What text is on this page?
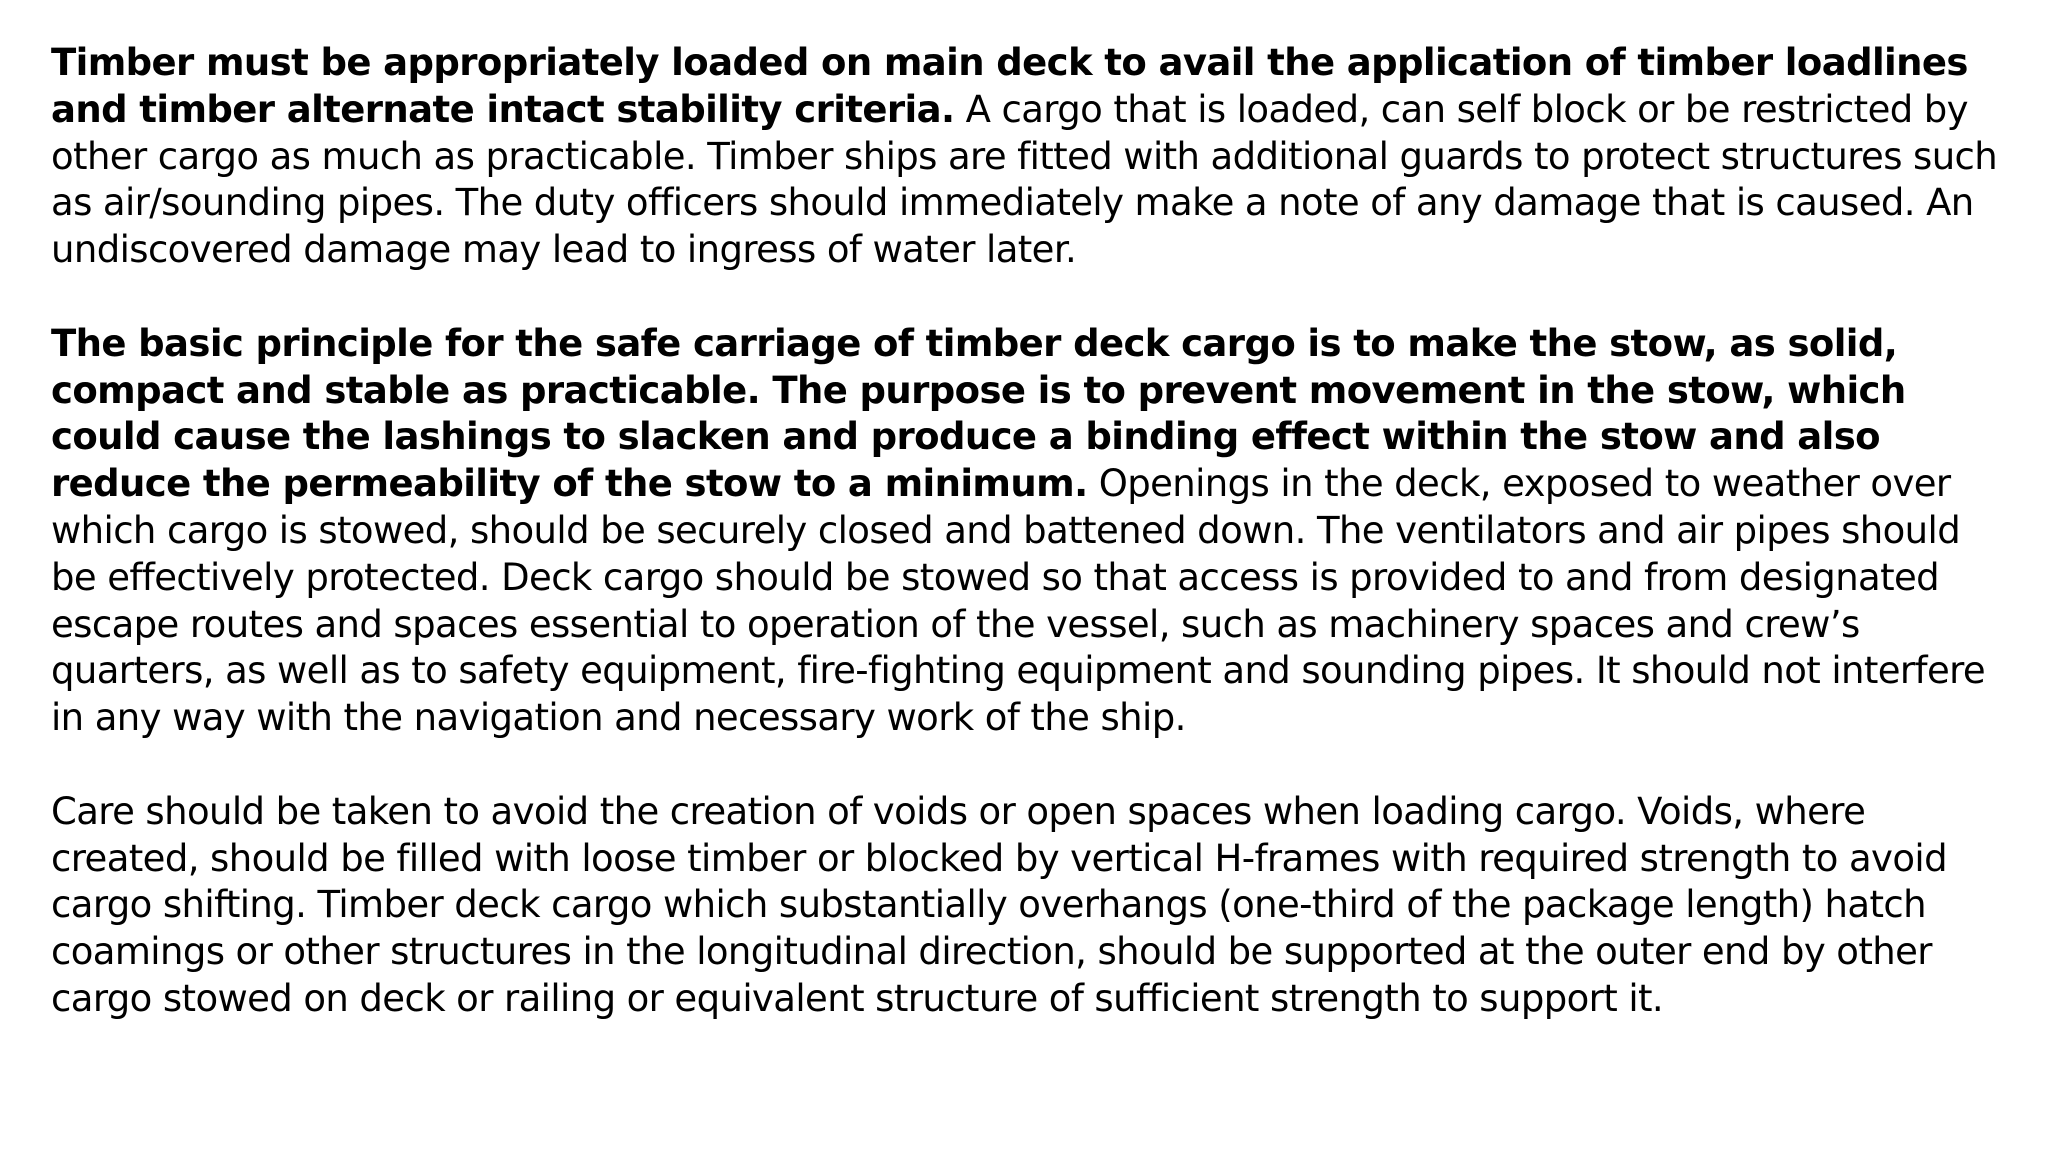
Timber must be appropriately loaded on main deck to avail the application of timber loadlines and timber alternate intact stability criteria. A cargo that is loaded, can self block or be restricted by other cargo as much as practicable. Timber ships are fitted with additional guards to protect structures such as air/sounding pipes. The duty officers should immediately make a note of any damage that is caused. An undiscovered damage may lead to ingress of water later.

The basic principle for the safe carriage of timber deck cargo is to make the stow, as solid, compact and stable as practicable. The purpose is to prevent movement in the stow, which could cause the lashings to slacken and produce a binding effect within the stow and also reduce the permeability of the stow to a minimum. Openings in the deck, exposed to weather over which cargo is stowed, should be securely closed and battened down. The ventilators and air pipes should be effectively protected. Deck cargo should be stowed so that access is provided to and from designated escape routes and spaces essential to operation of the vessel, such as machinery spaces and crew’s quarters, as well as to safety equipment, fire-fighting equipment and sounding pipes. It should not interfere in any way with the navigation and necessary work of the ship.

Care should be taken to avoid the creation of voids or open spaces when loading cargo. Voids, where created, should be filled with loose timber or blocked by vertical H-frames with required strength to avoid cargo shifting. Timber deck cargo which substantially overhangs (one-third of the package length) hatch coamings or other structures in the longitudinal direction, should be supported at the outer end by other cargo stowed on deck or railing or equivalent structure of sufficient strength to support it.
